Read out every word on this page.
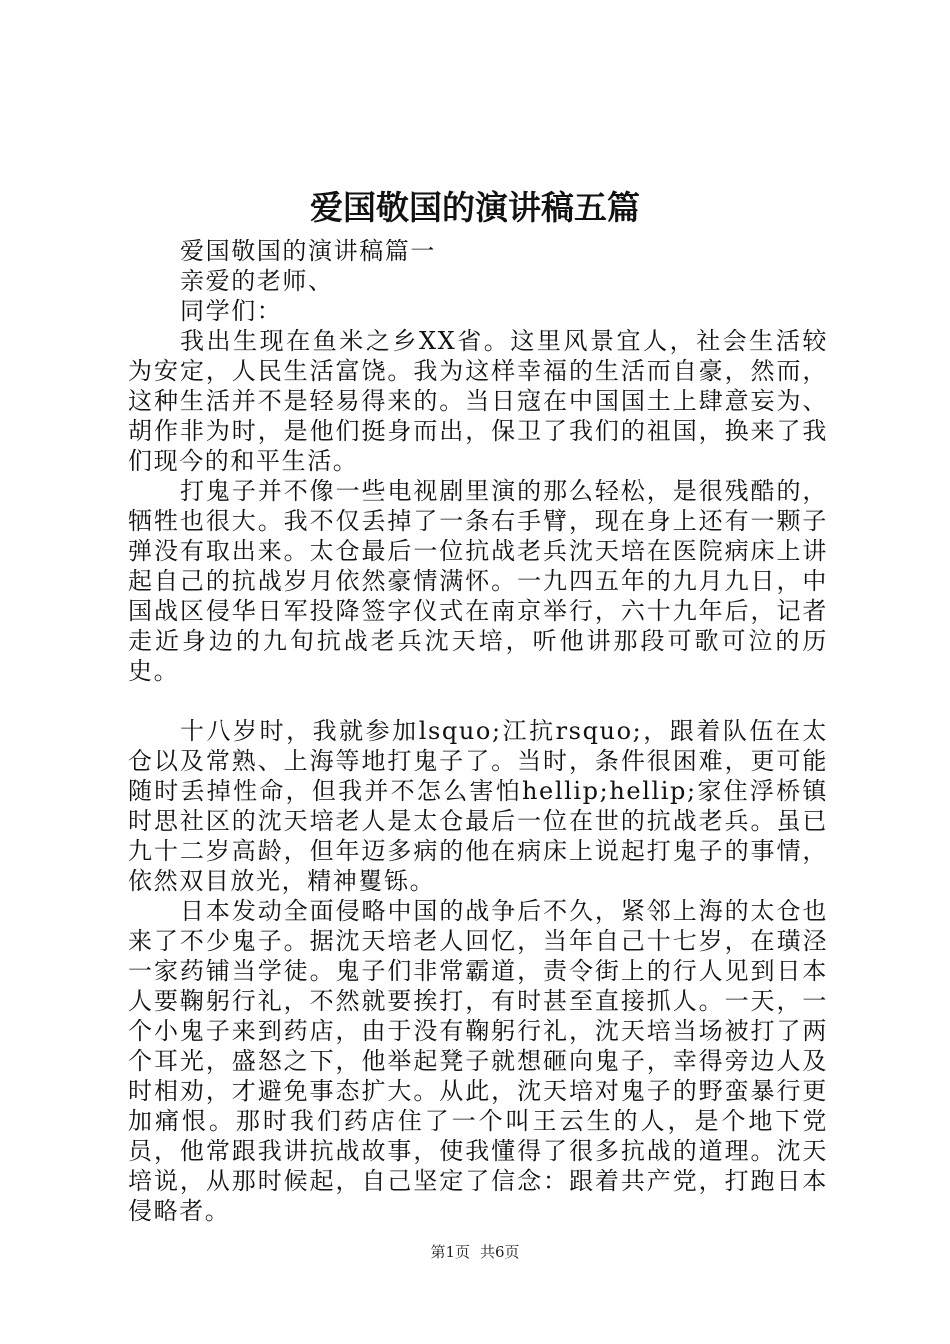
爱国敬国的演讲稿五篇

爱国敬国的演讲稿篇一

亲爱的老师、

同学们：

我出生现在鱼米之乡XX省。这里风景宜人，社会生活较为安定，人民生活富饶。我为这样幸福的生活而自豪，然而，这种生活并不是轻易得来的。当日寇在中国国土上肆意妄为、胡作非为时，是他们挺身而出，保卫了我们的祖国，换来了我们现今的和平生活。

打鬼子并不像一些电视剧里演的那么轻松，是很残酷的，牺牲也很大。我不仅丢掉了一条右手臂，现在身上还有一颗子弹没有取出来。太仓最后一位抗战老兵沈天培在医院病床上讲起自己的抗战岁月依然豪情满怀。一九四五年的九月九日，中国战区侵华日军投降签字仪式在南京举行，六十九年后，记者走近身边的九旬抗战老兵沈天培，听他讲那段可歌可泣的历史。

十八岁时，我就参加lsquo;江抗rsquo;，跟着队伍在太仓以及常熟、上海等地打鬼子了。当时，条件很困难，更可能随时丢掉性命，但我并不怎么害怕hellip;hellip;家住浮桥镇时思社区的沈天培老人是太仓最后一位在世的抗战老兵。虽已九十二岁高龄，但年迈多病的他在病床上说起打鬼子的事情，依然双目放光，精神矍铄。

日本发动全面侵略中国的战争后不久，紧邻上海的太仓也来了不少鬼子。据沈天培老人回忆，当年自己十七岁，在璜泾一家药铺当学徒。鬼子们非常霸道，责令街上的行人见到日本人要鞠躬行礼，不然就要挨打，有时甚至直接抓人。一天，一个小鬼子来到药店，由于没有鞠躬行礼，沈天培当场被打了两个耳光，盛怒之下，他举起凳子就想砸向鬼子，幸得旁边人及时相劝，才避免事态扩大。从此，沈天培对鬼子的野蛮暴行更加痛恨。那时我们药店住了一个叫王云生的人，是个地下党员，他常跟我讲抗战故事，使我懂得了很多抗战的道理。沈天培说，从那时候起，自己坚定了信念：跟着共产党，打跑日本侵略者。

第1页 共6页
